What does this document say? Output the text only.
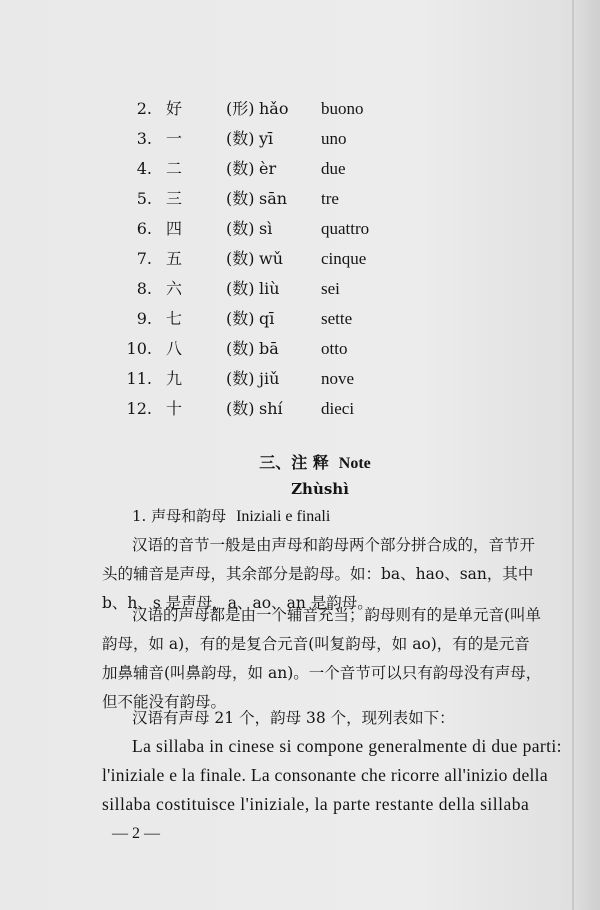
2. 好	(形) hǎo buono
3. 一	(数) yī	uno
4. 二	(数) èr	due
5. 三	(数) sān tre
6. 四	(数) sì	quattro
7. 五	(数) wǔ cinque
8. 六	(数) liù sei
9. 七	(数) qī	sette
10. 八	(数) bā otto
11. 九	(数) jiǔ nove
12. 十	(数) shí dieci
三、注 释 Note
Zhùshì
1. 声母和韵母 Iniziali e finali
汉语的音节一般是由声母和韵母两个部分拼合成的，音节开
头的辅音是声母，其余部分是韵母。如：ba、hao、san，其中
b、h、s 是声母，a、ao、an 是韵母。
汉语的声母都是由一个辅音充当；韵母则有的是单元音(叫单
韵母，如 a)，有的是复合元音(叫复韵母，如 ao)，有的是元音
加鼻辅音(叫鼻韵母，如 an)。一个音节可以只有韵母没有声母，
但不能没有韵母。
汉语有声母 21 个，韵母 38 个，现列表如下：
La sillaba in cinese si compone generalmente di due parti:
l'iniziale e la finale. La consonante che ricorre all'inizio della
sillaba costituisce l'iniziale, la parte restante della sillaba
— 2 —
